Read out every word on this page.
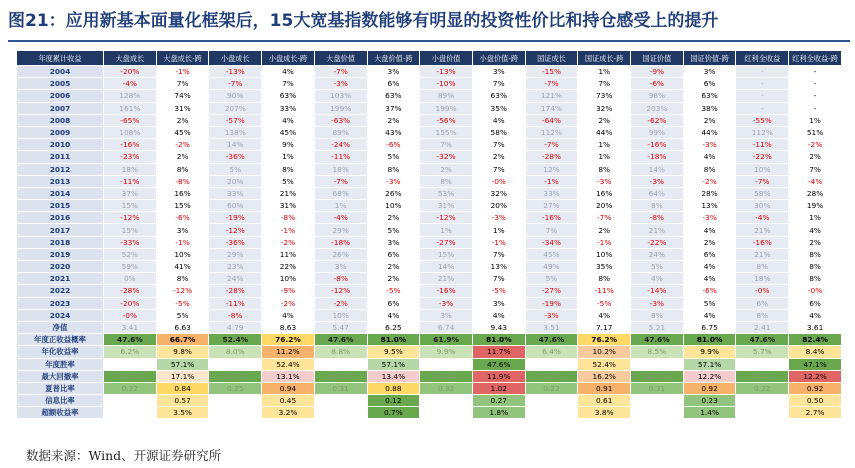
图21：应用新基本面量化框架后，15大宽基指数能够有明显的投资性价比和持仓感受上的提升
年度累计收益	大盘成长	大盘成长-跨	小盘成长	小盘成长-跨	大盘价值	大盘价值-跨	小盘价值	小盘价值-跨	国证成长	国证成长-跨	国证价值	国证价值-跨	红利全收益	红利全收益-跨
2004	-20%	-1%	-13%	4%	-7%	3%	-13%	3%	-15%	1%	-9%	3%	-	-
2005	-4%	7%	-7%	7%	-3%	6%	-10%	7%	-7%	7%	-6%	6%	-	-
2006	128%	74%	90%	63%	103%	63%	89%	63%	121%	73%	98%	63%	-	-
2007	161%	31%	207%	33%	199%	37%	199%	35%	174%	32%	203%	38%	-	-
2008	-65%	2%	-57%	4%	-63%	2%	-56%	4%	-64%	2%	-62%	2%	-55%	1%
2009	108%	45%	138%	45%	89%	43%	155%	58%	112%	44%	99%	44%	112%	51%
2010	-16%	-2%	14%	9%	-24%	-6%	7%	7%	-7%	1%	-16%	-3%	-11%	-2%
2011	-23%	2%	-36%	1%	-11%	5%	-32%	2%	-28%	1%	-18%	4%	-22%	2%
2012	18%	8%	5%	8%	18%	8%	2%	7%	12%	8%	14%	8%	10%	7%
2013	-11%	-8%	20%	5%	-7%	-3%	8%	-0%	-1%	-3%	-3%	-2%	-7%	-4%
2014	37%	16%	33%	21%	68%	26%	53%	32%	33%	16%	64%	28%	58%	28%
2015	15%	15%	60%	31%	1%	10%	31%	20%	27%	20%	8%	13%	30%	19%
2016	-12%	-6%	-19%	-8%	-4%	2%	-12%	-3%	-16%	-7%	-8%	-3%	-4%	1%
2017	15%	3%	-12%	-1%	29%	5%	1%	1%	7%	2%	21%	4%	21%	4%
2018	-33%	-1%	-36%	-2%	-18%	3%	-27%	-1%	-34%	-1%	-22%	2%	-16%	2%
2019	52%	10%	29%	11%	26%	6%	15%	7%	45%	10%	24%	6%	21%	8%
2020	59%	41%	23%	22%	3%	2%	14%	13%	49%	35%	5%	4%	8%	8%
2021	0%	8%	24%	10%	-8%	2%	21%	7%	5%	8%	4%	4%	18%	8%
2022	-28%	-12%	-28%	-9%	-12%	-5%	-16%	-5%	-27%	-11%	-14%	-6%	-0%	-0%
2023	-20%	-5%	-11%	-2%	-2%	6%	-3%	3%	-19%	-5%	-3%	5%	6%	6%
2024	-0%	5%	-8%	4%	10%	4%	3%	4%	-3%	4%	8%	4%	8%	4%
净值	3.41	6.63	4.79	8.63	5.47	6.25	6.74	9.43	3.51	7.17	5.21	6.75	2.41	3.61
年度正收益概率	47.6%	66.7%	52.4%	76.2%	47.6%	81.0%	61.9%	81.0%	47.6%	76.2%	47.6%	81.0%	47.6%	82.4%
年化收益率	6.2%	9.8%	8.0%	11.2%	8.8%	9.5%	9.9%	11.7%	6.4%	10.2%	8.5%	9.9%	5.7%	8.4%
年度胜率		57.1%		52.4%		57.1%		47.6%		52.4%		57.1%		47.1%
最大回撤率	71.9%	17.1%	66.1%	13.1%	66.3%	13.4%	66.2%	11.9%	71.7%	16.2%	66.1%	12.2%	57.4%	12.2%
夏普比率	0.22	0.84	0.25	0.94	0.31	0.88	0.32	1.02	0.22	0.91	0.31	0.92	0.22	0.92
信息比率		0.57		0.45		0.12		0.27		0.61		0.23		0.50
超额收益率		3.5%		3.2%		0.7%		1.8%		3.8%		1.4%		2.7%
数据来源：Wind、开源证券研究所
